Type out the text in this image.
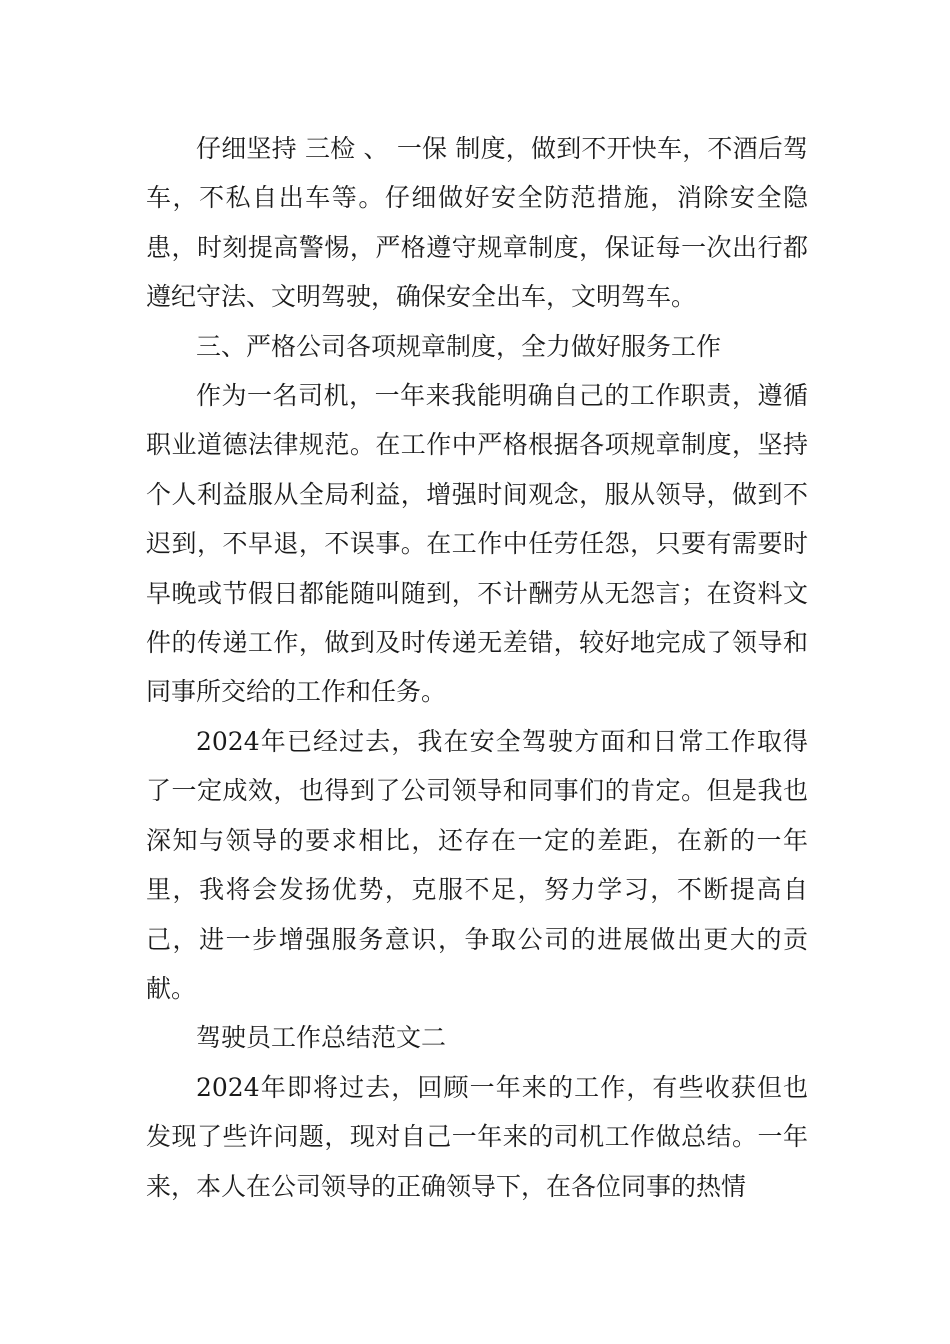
仔细坚持 三检 、 一保 制度，做到不开快车，不酒后驾车，不私自出车等。仔细做好安全防范措施，消除安全隐患，时刻提高警惕，严格遵守规章制度，保证每一次出行都遵纪守法、文明驾驶，确保安全出车，文明驾车。

三、严格公司各项规章制度，全力做好服务工作

作为一名司机，一年来我能明确自己的工作职责，遵循职业道德法律规范。在工作中严格根据各项规章制度，坚持个人利益服从全局利益，增强时间观念，服从领导，做到不迟到，不早退，不误事。在工作中任劳任怨，只要有需要时早晚或节假日都能随叫随到，不计酬劳从无怨言；在资料文件的传递工作，做到及时传递无差错，较好地完成了领导和同事所交给的工作和任务。

2024年已经过去，我在安全驾驶方面和日常工作取得了一定成效，也得到了公司领导和同事们的肯定。但是我也深知与领导的要求相比，还存在一定的差距，在新的一年里，我将会发扬优势，克服不足，努力学习，不断提高自己，进一步增强服务意识，争取公司的进展做出更大的贡献。

驾驶员工作总结范文二

2024年即将过去，回顾一年来的工作，有些收获但也发现了些许问题，现对自己一年来的司机工作做总结。一年来，本人在公司领导的正确领导下，在各位同事的热情
